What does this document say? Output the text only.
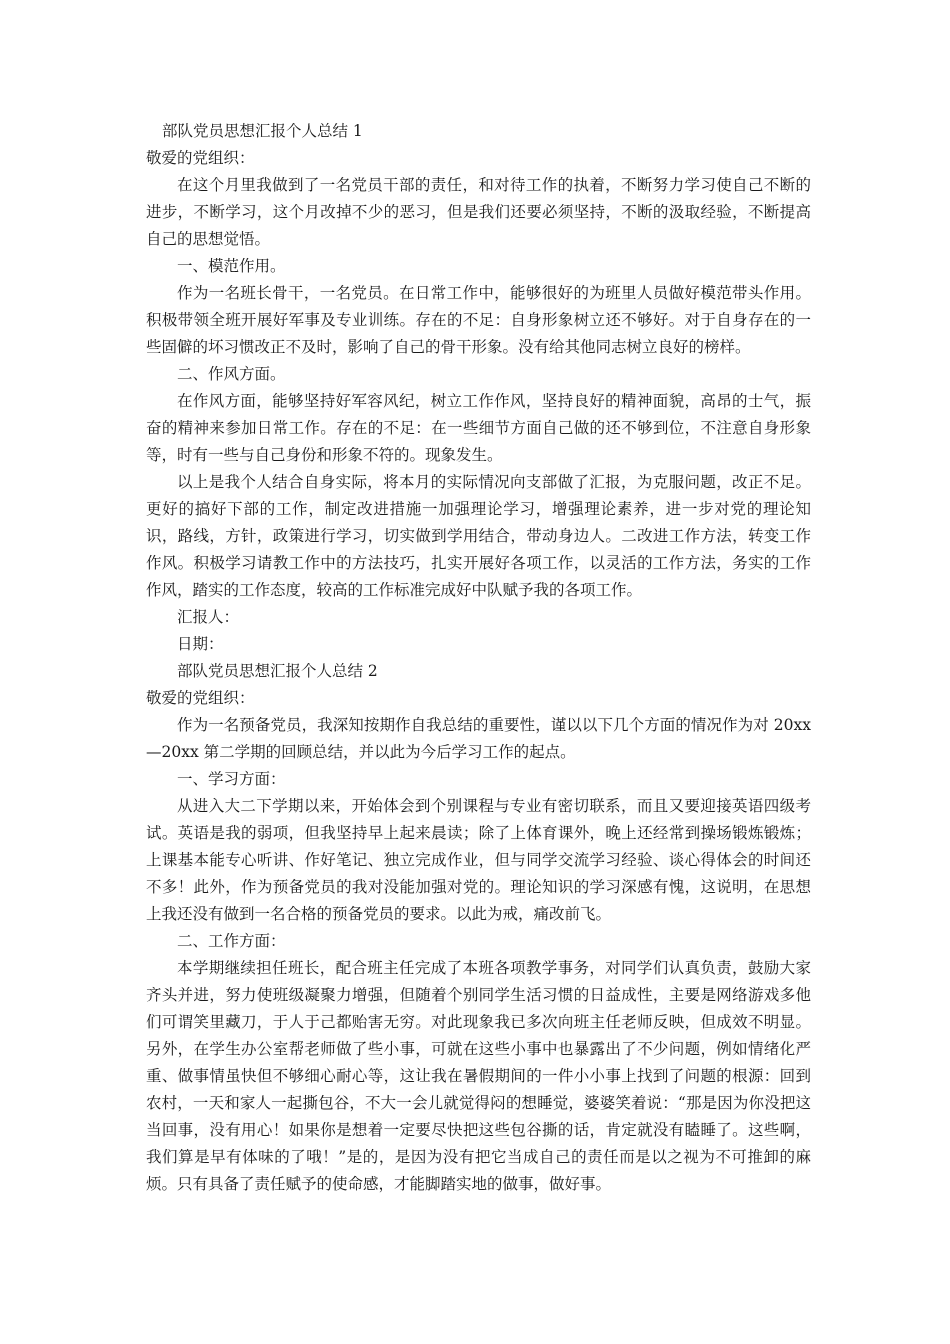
部队党员思想汇报个人总结 1

敬爱的党组织：

在这个月里我做到了一名党员干部的责任，和对待工作的执着，不断努力学习使自己不断的进步，不断学习，这个月改掉不少的恶习，但是我们还要必须坚持，不断的汲取经验，不断提高自己的思想觉悟。

一、模范作用。

作为一名班长骨干，一名党员。在日常工作中，能够很好的为班里人员做好模范带头作用。积极带领全班开展好军事及专业训练。存在的不足：自身形象树立还不够好。对于自身存在的一些固僻的坏习惯改正不及时，影响了自己的骨干形象。没有给其他同志树立良好的榜样。

二、作风方面。

在作风方面，能够坚持好军容风纪，树立工作作风，坚持良好的精神面貌，高昂的士气，振奋的精神来参加日常工作。存在的不足：在一些细节方面自己做的还不够到位，不注意自身形象等，时有一些与自己身份和形象不符的。现象发生。

以上是我个人结合自身实际，将本月的实际情况向支部做了汇报，为克服问题，改正不足。更好的搞好下部的工作，制定改进措施一加强理论学习，增强理论素养，进一步对党的理论知识，路线，方针，政策进行学习，切实做到学用结合，带动身边人。二改进工作方法，转变工作作风。积极学习请教工作中的方法技巧，扎实开展好各项工作，以灵活的工作方法，务实的工作作风，踏实的工作态度，较高的工作标准完成好中队赋予我的各项工作。

汇报人：

日期：

部队党员思想汇报个人总结 2

敬爱的党组织：

作为一名预备党员，我深知按期作自我总结的重要性，谨以以下几个方面的情况作为对 20xx—20xx 第二学期的回顾总结，并以此为今后学习工作的起点。

一、学习方面：

从进入大二下学期以来，开始体会到个别课程与专业有密切联系，而且又要迎接英语四级考试。英语是我的弱项，但我坚持早上起来晨读；除了上体育课外，晚上还经常到操场锻炼锻炼；上课基本能专心听讲、作好笔记、独立完成作业，但与同学交流学习经验、谈心得体会的时间还不多！此外，作为预备党员的我对没能加强对党的。理论知识的学习深感有愧，这说明，在思想上我还没有做到一名合格的预备党员的要求。以此为戒，痛改前飞。

二、工作方面：

本学期继续担任班长，配合班主任完成了本班各项教学事务，对同学们认真负责，鼓励大家齐头并进，努力使班级凝聚力增强，但随着个别同学生活习惯的日益成性，主要是网络游戏多他们可谓笑里藏刀，于人于己都贻害无穷。对此现象我已多次向班主任老师反映，但成效不明显。另外，在学生办公室帮老师做了些小事，可就在这些小事中也暴露出了不少问题，例如情绪化严重、做事情虽快但不够细心耐心等，这让我在暑假期间的一件小小事上找到了问题的根源：回到农村，一天和家人一起撕包谷，不大一会儿就觉得闷的想睡觉，婆婆笑着说：“那是因为你没把这当回事，没有用心！如果你是想着一定要尽快把这些包谷撕的话，肯定就没有瞌睡了。这些啊，我们算是早有体味的了哦！”是的，是因为没有把它当成自己的责任而是以之视为不可推卸的麻烦。只有具备了责任赋予的使命感，才能脚踏实地的做事，做好事。
